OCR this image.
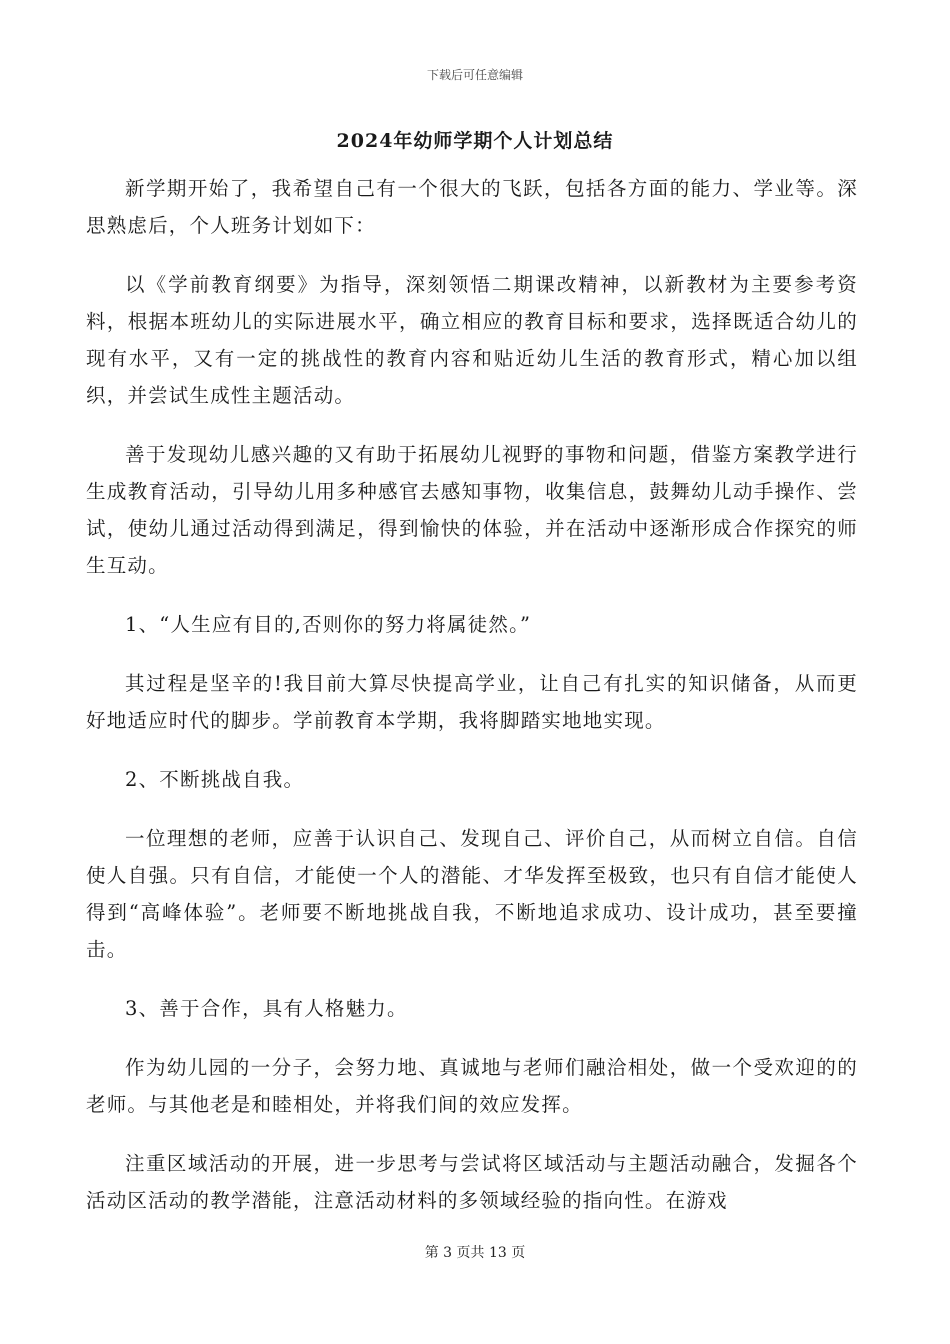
下载后可任意编辑
2024年幼师学期个人计划总结

新学期开始了，我希望自己有一个很大的飞跃，包括各方面的能力、学业等。深思熟虑后，个人班务计划如下：

以《学前教育纲要》为指导，深刻领悟二期课改精神，以新教材为主要参考资料，根据本班幼儿的实际进展水平，确立相应的教育目标和要求，选择既适合幼儿的现有水平，又有一定的挑战性的教育内容和贴近幼儿生活的教育形式，精心加以组织，并尝试生成性主题活动。

善于发现幼儿感兴趣的又有助于拓展幼儿视野的事物和问题，借鉴方案教学进行生成教育活动，引导幼儿用多种感官去感知事物，收集信息，鼓舞幼儿动手操作、尝试，使幼儿通过活动得到满足，得到愉快的体验，并在活动中逐渐形成合作探究的师生互动。

1、“人生应有目的,否则你的努力将属徒然。”

其过程是坚辛的!我目前大算尽快提高学业，让自己有扎实的知识储备，从而更好地适应时代的脚步。学前教育本学期，我将脚踏实地地实现。

2、不断挑战自我。

一位理想的老师，应善于认识自己、发现自己、评价自己，从而树立自信。自信使人自强。只有自信，才能使一个人的潜能、才华发挥至极致，也只有自信才能使人得到“高峰体验”。老师要不断地挑战自我，不断地追求成功、设计成功，甚至要撞击。

3、善于合作，具有人格魅力。

作为幼儿园的一分子，会努力地、真诚地与老师们融洽相处，做一个受欢迎的的老师。与其他老是和睦相处，并将我们间的效应发挥。

注重区域活动的开展，进一步思考与尝试将区域活动与主题活动融合，发掘各个活动区活动的教学潜能，注意活动材料的多领域经验的指向性。在游戏

第 3 页共 13 页
